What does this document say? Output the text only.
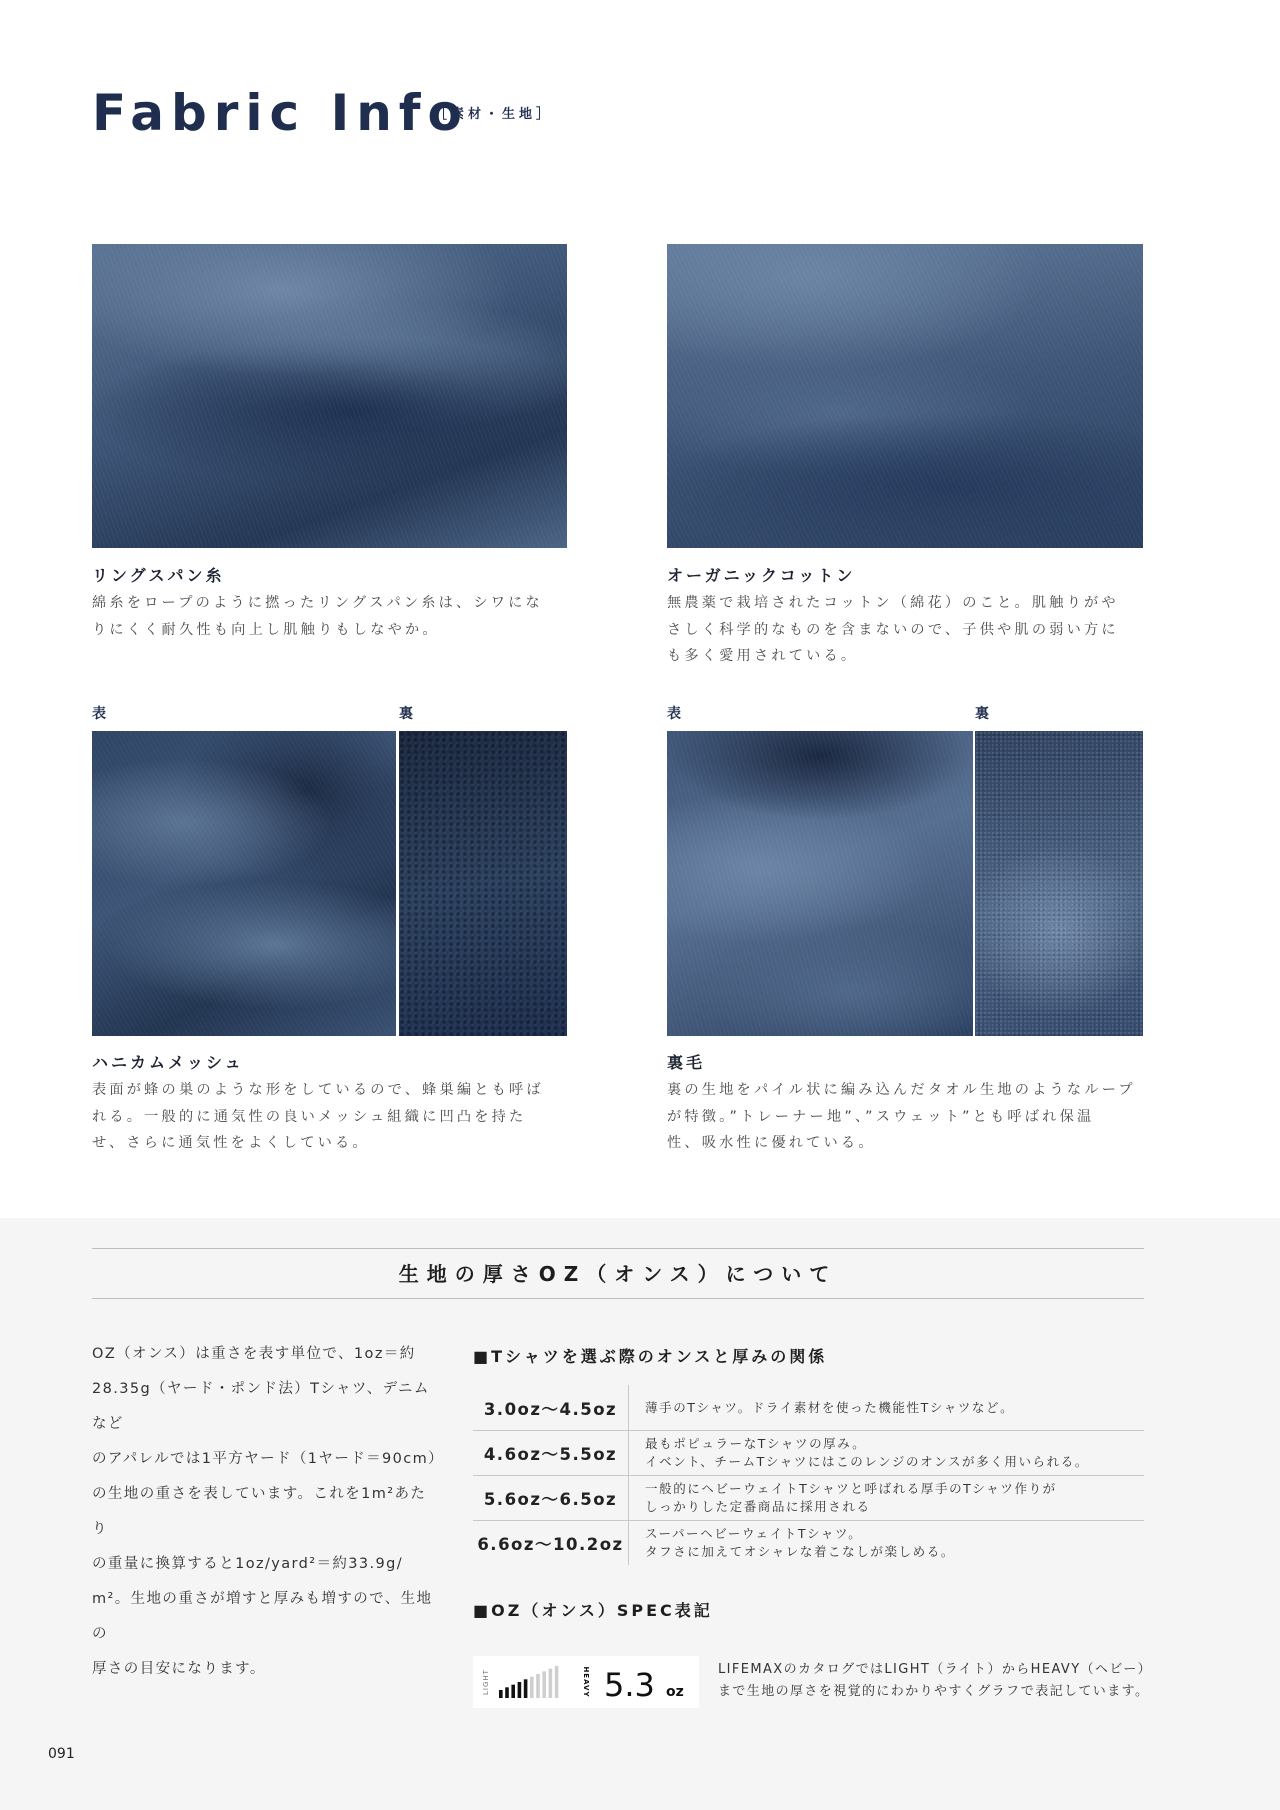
Fabric Info
［素材・生地］
リングスパン糸

綿糸をロープのように撚ったリングスパン糸は、シワにな

りにくく耐久性も向上し肌触りもしなやか。

オーガニックコットン

無農薬で栽培されたコットン（綿花）のこと。肌触りがや

さしく科学的なものを含まないので、子供や肌の弱い方に

も多く愛用されている。

表	裏
ハニカムメッシュ

表面が蜂の巣のような形をしているので、蜂巣編とも呼ば

れる。一般的に通気性の良いメッシュ組織に凹凸を持た

せ、さらに通気性をよくしている。

表	裏
裏毛

裏の生地をパイル状に編み込んだタオル生地のようなループ

が特徴。”トレーナー地”、”スウェット”とも呼ばれ保温

性、吸水性に優れている。

生地の厚さOZ（オンス）について
OZ（オンス）は重さを表す単位で、1oz＝約
28.35g（ヤード・ポンド法）Tシャツ、デニムなど
のアパレルでは1平方ヤード（1ヤード＝90cm）
の生地の重さを表しています。これを1m²あたり
の重量に換算すると1oz/yard²＝約33.9g/
m²。生地の重さが増すと厚みも増すので、生地の
厚さの目安になります。
■Tシャツを選ぶ際のオンスと厚みの関係
3.0oz〜4.5oz	薄手のTシャツ。ドライ素材を使った機能性Tシャツなど。

4.6oz〜5.5oz	最もポピュラーなTシャツの厚み。
イベント、チームTシャツにはこのレンジのオンスが多く用いられる。

5.6oz〜6.5oz	一般的にヘビーウェイトTシャツと呼ばれる厚手のTシャツ作りが
しっかりした定番商品に採用される

6.6oz〜10.2oz	スーパーヘビーウェイトTシャツ。
タフさに加えてオシャレな着こなしが楽しめる。
■OZ（オンス）SPEC表記
LIGHT	HEAVY 5.3 oz
LIFEMAXのカタログではLIGHT（ライト）からHEAVY（ヘビー）
まで生地の厚さを視覚的にわかりやすくグラフで表記しています。
091
